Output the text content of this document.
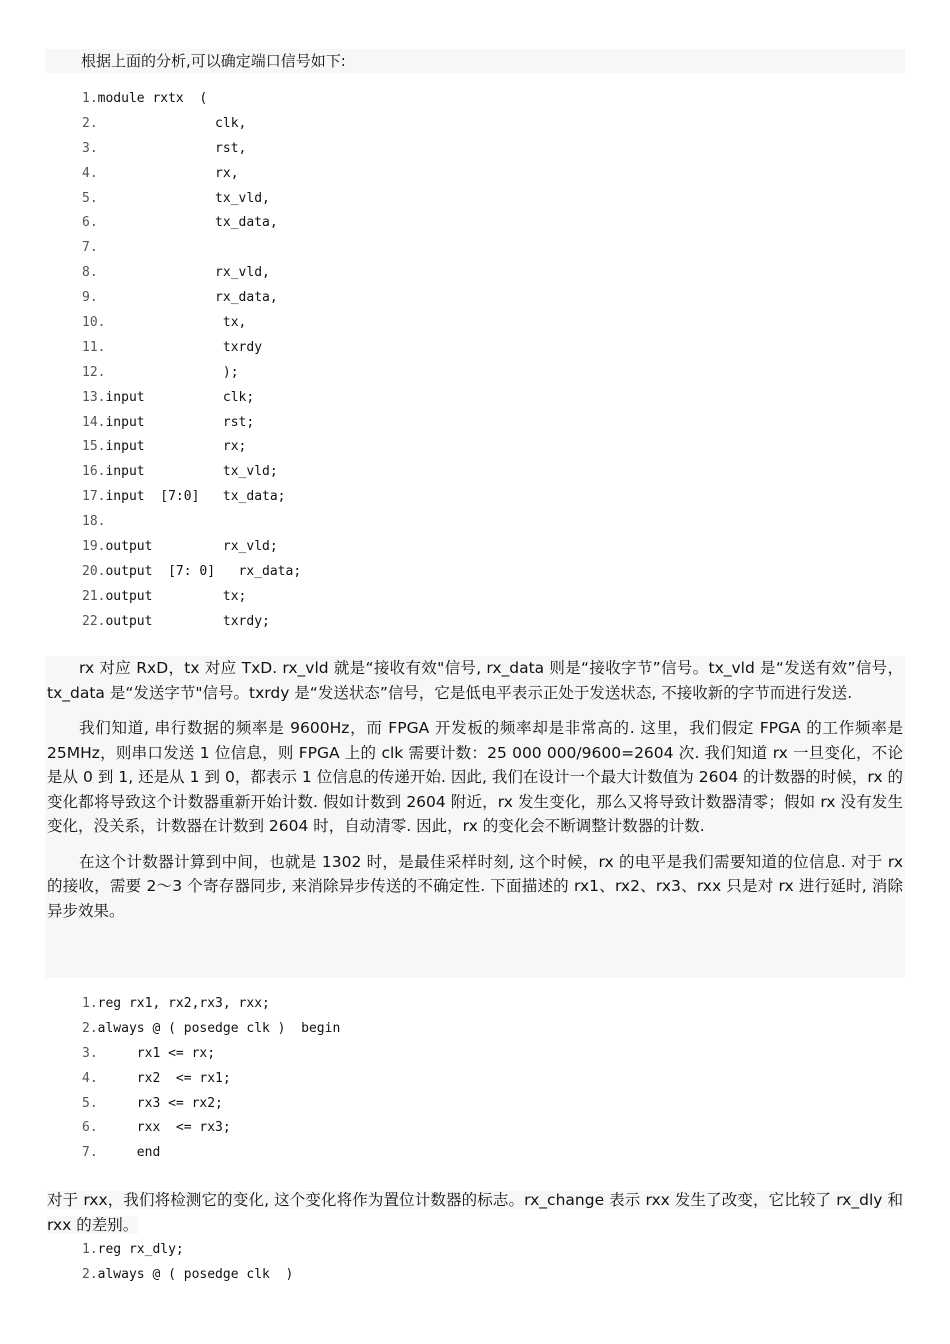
根据上面的分析,可以确定端口信号如下:

1.module rxtx  (
2.               clk,
3.               rst,
4.               rx,
5.               tx_vld,
6.               tx_data,
7.
8.               rx_vld,
9.               rx_data,
10.               tx,
11.               txrdy
12.               );
13.input          clk;
14.input          rst;
15.input          rx;
16.input          tx_vld;
17.input  [7:0]   tx_data;
18.
19.output         rx_vld;
20.output  [7: 0]   rx_data;
21.output         tx;
22.output         txrdy;

rx 对应 RxD，tx 对应 TxD. rx_vld 就是“接收有效"信号, rx_data 则是“接收字节”信号。tx_vld 是“发送有效”信号，tx_data 是“发送字节"信号。txrdy 是“发送状态”信号，它是低电平表示正处于发送状态, 不接收新的字节而进行发送.

我们知道, 串行数据的频率是 9600Hz，而 FPGA 开发板的频率却是非常高的. 这里，我们假定 FPGA 的工作频率是 25MHz，则串口发送 1 位信息，则 FPGA 上的 clk 需要计数：25 000 000/9600=2604 次. 我们知道 rx 一旦变化，不论是从 0 到 1, 还是从 1 到 0，都表示 1 位信息的传递开始. 因此, 我们在设计一个最大计数值为 2604 的计数器的时候，rx 的变化都将导致这个计数器重新开始计数. 假如计数到 2604 附近，rx 发生变化，那么又将导致计数器清零；假如 rx 没有发生变化，没关系，计数器在计数到 2604 时，自动清零. 因此，rx 的变化会不断调整计数器的计数.

在这个计数器计算到中间，也就是 1302 时，是最佳采样时刻, 这个时候，rx 的电平是我们需要知道的位信息. 对于 rx 的接收，需要 2～3 个寄存器同步, 来消除异步传送的不确定性. 下面描述的 rx1、rx2、rx3、rxx 只是对 rx 进行延时, 消除异步效果。

1.reg rx1, rx2,rx3, rxx;
2.always @ ( posedge clk )  begin
3.     rx1 <= rx;
4.     rx2  <= rx1;
5.     rx3 <= rx2;
6.     rxx  <= rx3;
7.     end

对于 rxx，我们将检测它的变化, 这个变化将作为置位计数器的标志。rx_change 表示 rxx 发生了改变，它比较了 rx_dly 和 rxx 的差别。

1.reg rx_dly;
2.always @ ( posedge clk  )
